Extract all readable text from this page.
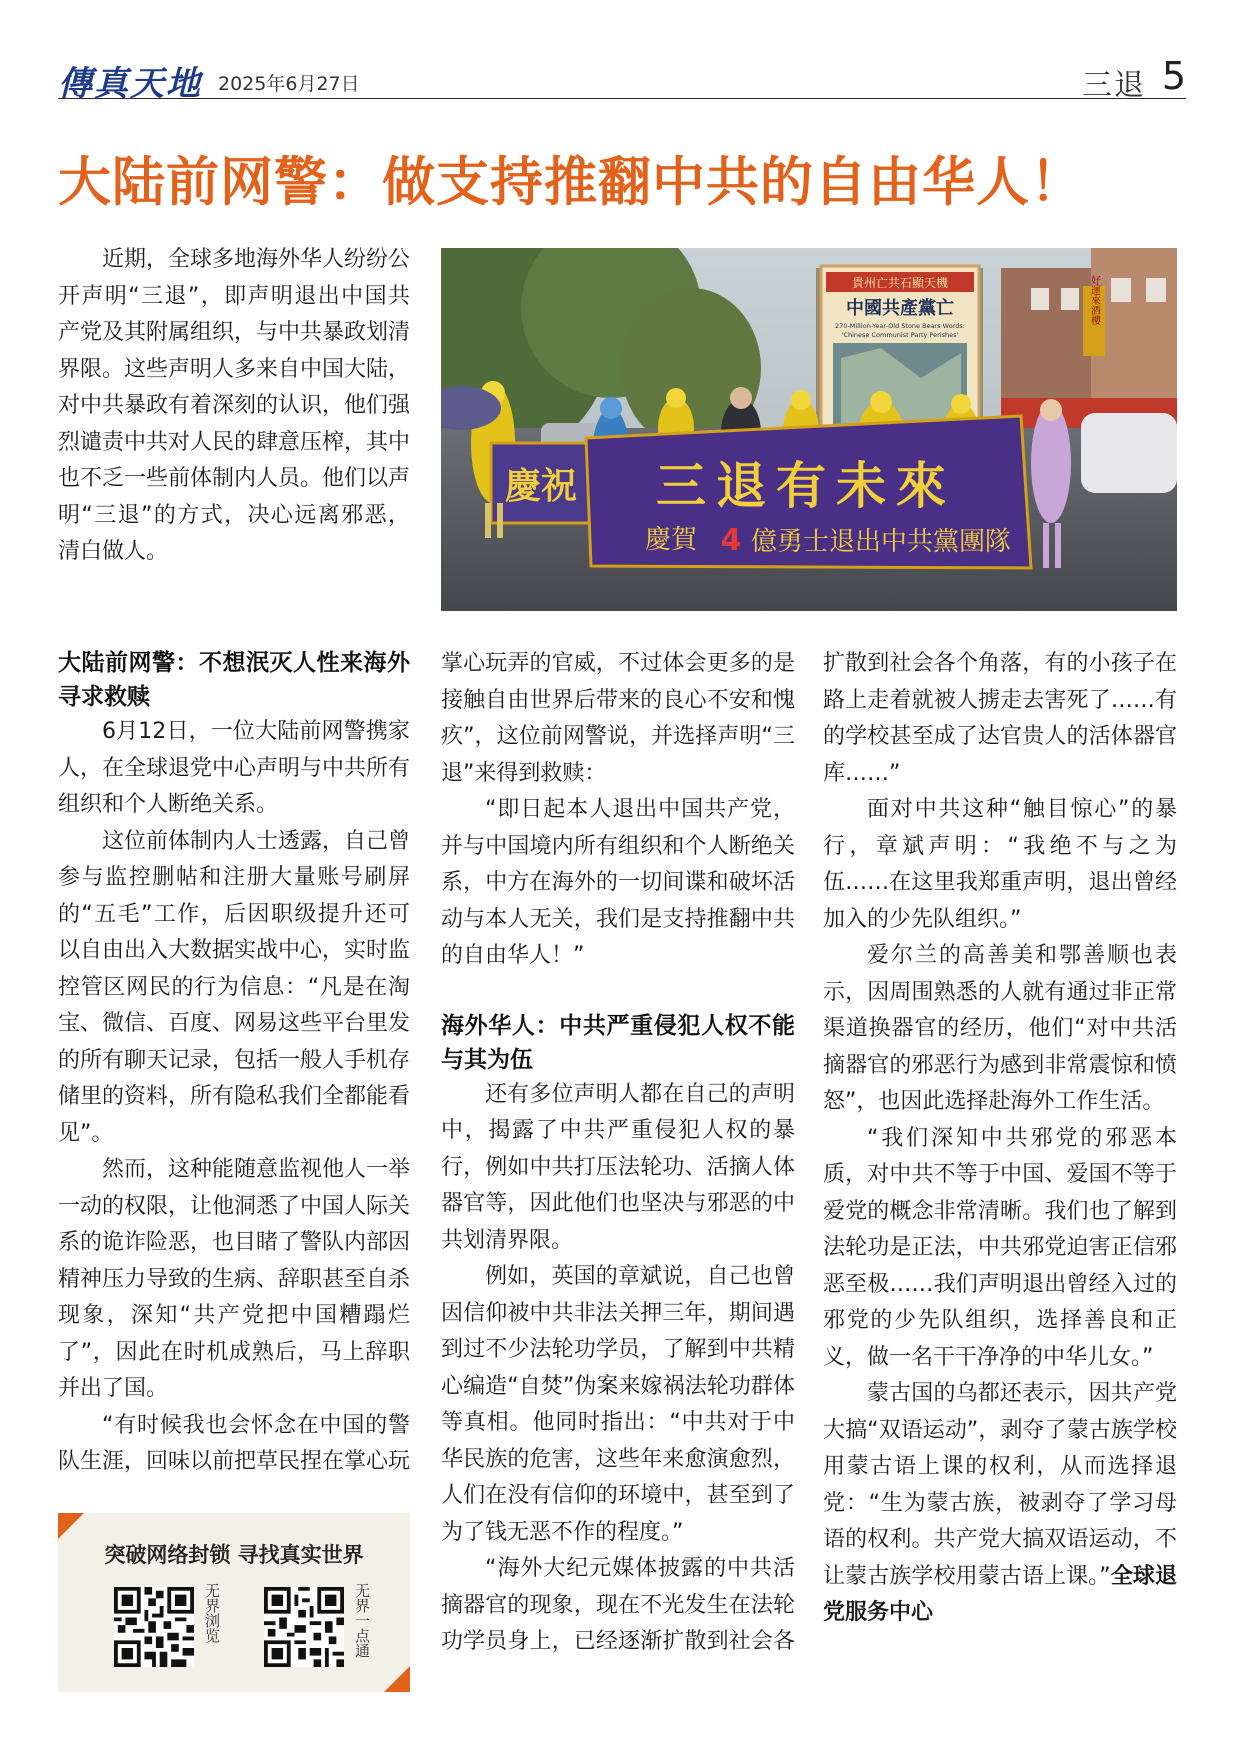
傳真天地 2025年6月27日	三退 5
大陆前网警：做支持推翻中共的自由华人！

近期，全球多地海外华人纷纷公开声明“三退”，即声明退出中国共产党及其附属组织，与中共暴政划清界限。这些声明人多来自中国大陆，对中共暴政有着深刻的认识，他们强烈谴责中共对人民的肆意压榨，其中也不乏一些前体制内人员。他们以声明“三退”的方式，决心远离邪恶，清白做人。

好運來酒樓
貴州亡共石顯天機
中國共產黨亡
270-Million-Year-Old Stone Bears Words:
'Chinese Communist Party Perishes'
慶祝 三退有未來
慶賀 4 億勇士退出中共黨團隊
大陆前网警：不想泯灭人性来海外寻求救赎

6月12日，一位大陆前网警携家人，在全球退党中心声明与中共所有组织和个人断绝关系。

这位前体制内人士透露，自己曾参与监控删帖和注册大量账号刷屏的“五毛”工作，后因职级提升还可以自由出入大数据实战中心，实时监控管区网民的行为信息：“凡是在淘宝、微信、百度、网易这些平台里发的所有聊天记录，包括一般人手机存储里的资料，所有隐私我们全都能看见”。

然而，这种能随意监视他人一举一动的权限，让他洞悉了中国人际关系的诡诈险恶，也目睹了警队内部因精神压力导致的生病、辞职甚至自杀现象，深知“共产党把中国糟蹋烂了”，因此在时机成熟后，马上辞职并出了国。

“有时候我也会怀念在中国的警队生涯，回味以前把草民捏在掌心玩

掌心玩弄的官威，不过体会更多的是接触自由世界后带来的良心不安和愧疚”，这位前网警说，并选择声明“三退”来得到救赎：

“即日起本人退出中国共产党，并与中国境内所有组织和个人断绝关系，中方在海外的一切间谍和破坏活动与本人无关，我们是支持推翻中共的自由华人！”

海外华人：中共严重侵犯人权不能与其为伍

还有多位声明人都在自己的声明中，揭露了中共严重侵犯人权的暴行，例如中共打压法轮功、活摘人体器官等，因此他们也坚决与邪恶的中共划清界限。

例如，英国的章斌说，自己也曾因信仰被中共非法关押三年，期间遇到过不少法轮功学员，了解到中共精心编造“自焚”伪案来嫁祸法轮功群体等真相。他同时指出：“中共对于中华民族的危害，这些年来愈演愈烈，人们在没有信仰的环境中，甚至到了为了钱无恶不作的程度。”

“海外大纪元媒体披露的中共活摘器官的现象，现在不光发生在法轮功学员身上，已经逐渐扩散到社会各

扩散到社会各个角落，有的小孩子在路上走着就被人掳走去害死了……有的学校甚至成了达官贵人的活体器官库……”

面对中共这种“触目惊心”的暴行，章斌声明：“我绝不与之为伍……在这里我郑重声明，退出曾经加入的少先队组织。”

爱尔兰的高善美和鄂善顺也表示，因周围熟悉的人就有通过非正常渠道换器官的经历，他们“对中共活摘器官的邪恶行为感到非常震惊和愤怒”，也因此选择赴海外工作生活。

“我们深知中共邪党的邪恶本质，对中共不等于中国、爱国不等于爱党的概念非常清晰。我们也了解到法轮功是正法，中共邪党迫害正信邪恶至极……我们声明退出曾经入过的邪党的少先队组织，选择善良和正义，做一名干干净净的中华儿女。”

蒙古国的乌都还表示，因共产党大搞“双语运动”，剥夺了蒙古族学校用蒙古语上课的权利，从而选择退党：“生为蒙古族，被剥夺了学习母语的权利。共产党大搞双语运动，不让蒙古族学校用蒙古语上课。”全球退党服务中心

突破网络封锁 寻找真实世界
无界浏览	无界一点通
